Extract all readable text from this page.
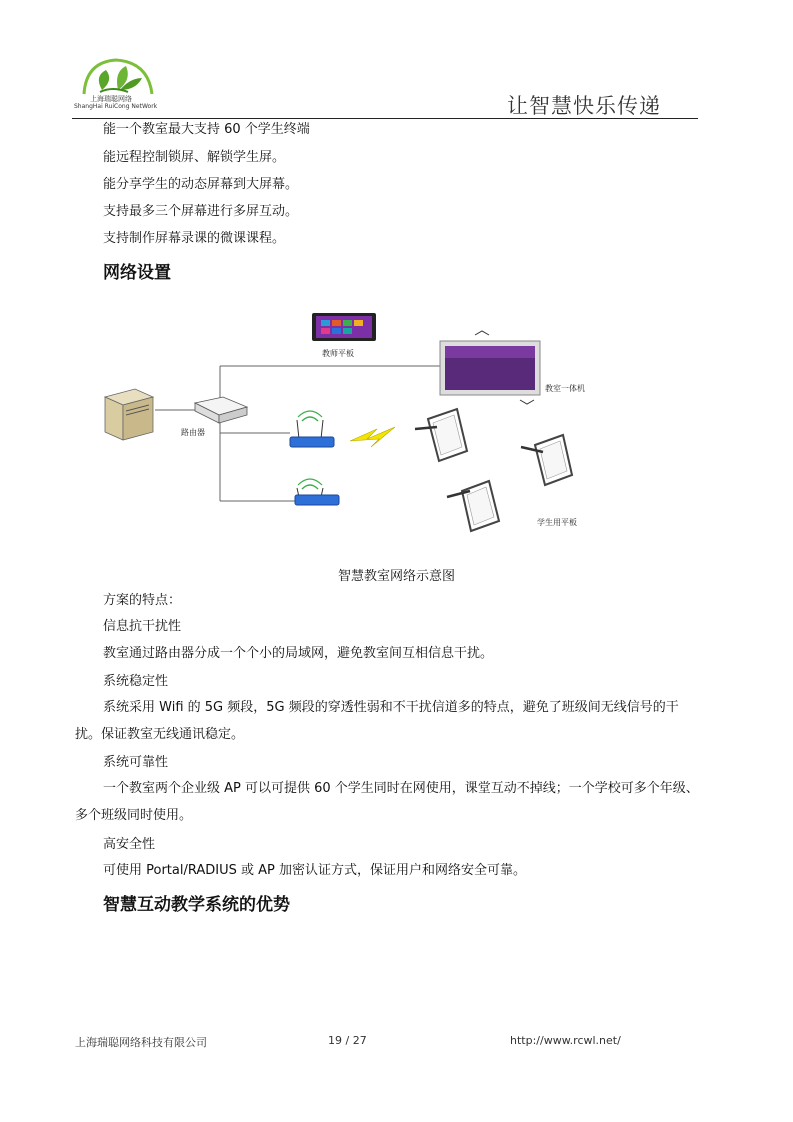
上海瑞聪网络
ShangHai RuiCong NetWork	让智慧快乐传递
能一个教室最大支持 60 个学生终端
能远程控制锁屏、解锁学生屏。
能分享学生的动态屏幕到大屏幕。
支持最多三个屏幕进行多屏互动。
支持制作屏幕录课的微课课程。
网络设置
教师平板
教室一体机
路由器	AP
学生用平板
智慧教室网络示意图
方案的特点：
信息抗干扰性
教室通过路由器分成一个个小的局域网，避免教室间互相信息干扰。
系统稳定性
系统采用 Wifi 的 5G 频段，5G 频段的穿透性弱和不干扰信道多的特点，避免了班级间无线信号的干扰。保证教室无线通讯稳定。
系统可靠性
一个教室两个企业级 AP 可以可提供 60 个学生同时在网使用，课堂互动不掉线；一个学校可多个年级、多个班级同时使用。
高安全性
可使用 Portal/RADIUS 或 AP 加密认证方式，保证用户和网络安全可靠。
智慧互动教学系统的优势
上海瑞聪网络科技有限公司	19 / 27	http://www.rcwl.net/
